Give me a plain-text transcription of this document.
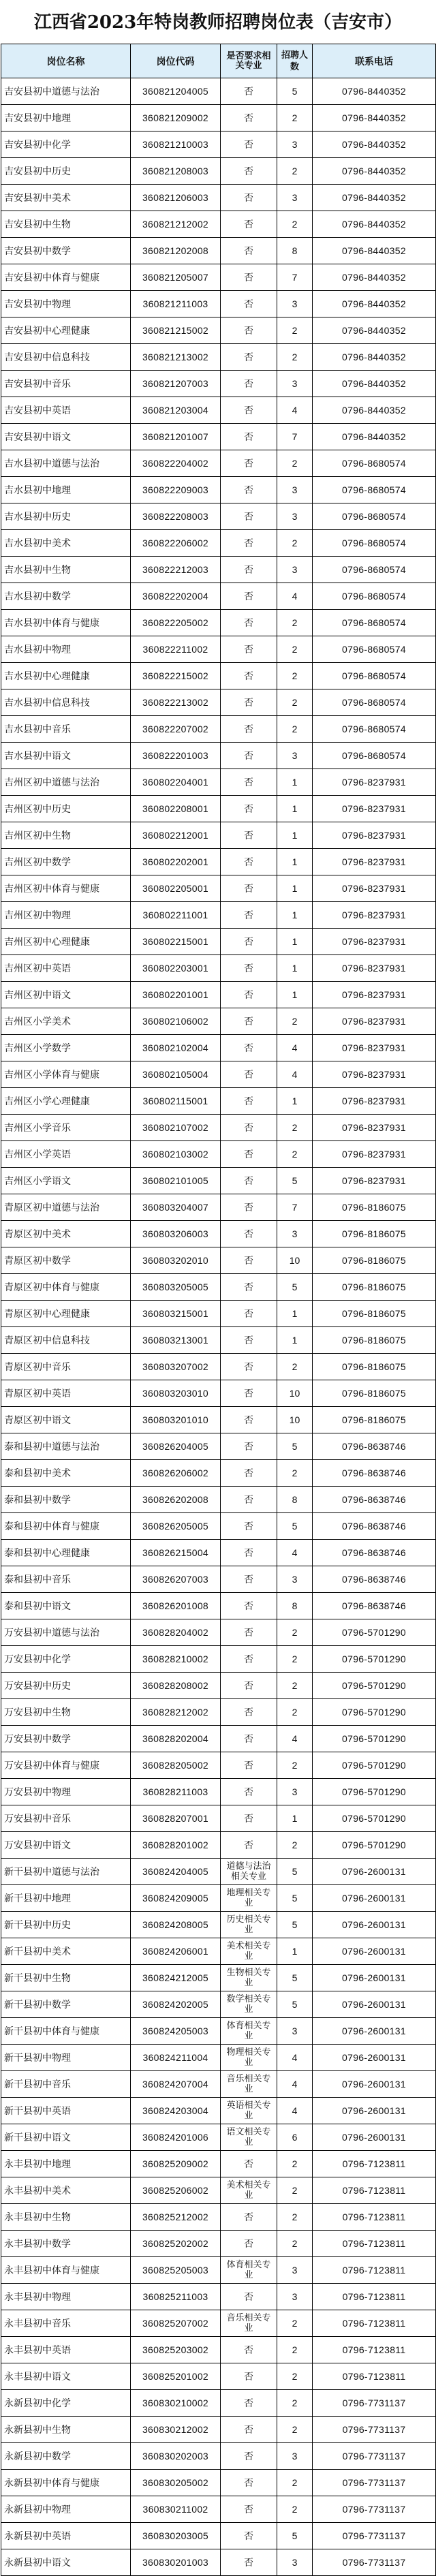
江西省2023年特岗教师招聘岗位表（吉安市）
岗位名称	岗位代码	是否要求相关专业	招聘人数	联系电话
吉安县初中道德与法治	360821204005	否	5	0796-8440352
吉安县初中地理	360821209002	否	2	0796-8440352
吉安县初中化学	360821210003	否	3	0796-8440352
吉安县初中历史	360821208003	否	2	0796-8440352
吉安县初中美术	360821206003	否	3	0796-8440352
吉安县初中生物	360821212002	否	2	0796-8440352
吉安县初中数学	360821202008	否	8	0796-8440352
吉安县初中体育与健康	360821205007	否	7	0796-8440352
吉安县初中物理	360821211003	否	3	0796-8440352
吉安县初中心理健康	360821215002	否	2	0796-8440352
吉安县初中信息科技	360821213002	否	2	0796-8440352
吉安县初中音乐	360821207003	否	3	0796-8440352
吉安县初中英语	360821203004	否	4	0796-8440352
吉安县初中语文	360821201007	否	7	0796-8440352
吉水县初中道德与法治	360822204002	否	2	0796-8680574
吉水县初中地理	360822209003	否	3	0796-8680574
吉水县初中历史	360822208003	否	3	0796-8680574
吉水县初中美术	360822206002	否	2	0796-8680574
吉水县初中生物	360822212003	否	3	0796-8680574
吉水县初中数学	360822202004	否	4	0796-8680574
吉水县初中体育与健康	360822205002	否	2	0796-8680574
吉水县初中物理	360822211002	否	2	0796-8680574
吉水县初中心理健康	360822215002	否	2	0796-8680574
吉水县初中信息科技	360822213002	否	2	0796-8680574
吉水县初中音乐	360822207002	否	2	0796-8680574
吉水县初中语文	360822201003	否	3	0796-8680574
吉州区初中道德与法治	360802204001	否	1	0796-8237931
吉州区初中历史	360802208001	否	1	0796-8237931
吉州区初中生物	360802212001	否	1	0796-8237931
吉州区初中数学	360802202001	否	1	0796-8237931
吉州区初中体育与健康	360802205001	否	1	0796-8237931
吉州区初中物理	360802211001	否	1	0796-8237931
吉州区初中心理健康	360802215001	否	1	0796-8237931
吉州区初中英语	360802203001	否	1	0796-8237931
吉州区初中语文	360802201001	否	1	0796-8237931
吉州区小学美术	360802106002	否	2	0796-8237931
吉州区小学数学	360802102004	否	4	0796-8237931
吉州区小学体育与健康	360802105004	否	4	0796-8237931
吉州区小学心理健康	360802115001	否	1	0796-8237931
吉州区小学音乐	360802107002	否	2	0796-8237931
吉州区小学英语	360802103002	否	2	0796-8237931
吉州区小学语文	360802101005	否	5	0796-8237931
青原区初中道德与法治	360803204007	否	7	0796-8186075
青原区初中美术	360803206003	否	3	0796-8186075
青原区初中数学	360803202010	否	10	0796-8186075
青原区初中体育与健康	360803205005	否	5	0796-8186075
青原区初中心理健康	360803215001	否	1	0796-8186075
青原区初中信息科技	360803213001	否	1	0796-8186075
青原区初中音乐	360803207002	否	2	0796-8186075
青原区初中英语	360803203010	否	10	0796-8186075
青原区初中语文	360803201010	否	10	0796-8186075
泰和县初中道德与法治	360826204005	否	5	0796-8638746
泰和县初中美术	360826206002	否	2	0796-8638746
泰和县初中数学	360826202008	否	8	0796-8638746
泰和县初中体育与健康	360826205005	否	5	0796-8638746
泰和县初中心理健康	360826215004	否	4	0796-8638746
泰和县初中音乐	360826207003	否	3	0796-8638746
泰和县初中语文	360826201008	否	8	0796-8638746
万安县初中道德与法治	360828204002	否	2	0796-5701290
万安县初中化学	360828210002	否	2	0796-5701290
万安县初中历史	360828208002	否	2	0796-5701290
万安县初中生物	360828212002	否	2	0796-5701290
万安县初中数学	360828202004	否	4	0796-5701290
万安县初中体育与健康	360828205002	否	2	0796-5701290
万安县初中物理	360828211003	否	3	0796-5701290
万安县初中音乐	360828207001	否	1	0796-5701290
万安县初中语文	360828201002	否	2	0796-5701290
新干县初中道德与法治	360824204005	道德与法治相关专业	5	0796-2600131
新干县初中地理	360824209005	地理相关专业	5	0796-2600131
新干县初中历史	360824208005	历史相关专业	5	0796-2600131
新干县初中美术	360824206001	美术相关专业	1	0796-2600131
新干县初中生物	360824212005	生物相关专业	5	0796-2600131
新干县初中数学	360824202005	数学相关专业	5	0796-2600131
新干县初中体育与健康	360824205003	体育相关专业	3	0796-2600131
新干县初中物理	360824211004	物理相关专业	4	0796-2600131
新干县初中音乐	360824207004	音乐相关专业	4	0796-2600131
新干县初中英语	360824203004	英语相关专业	4	0796-2600131
新干县初中语文	360824201006	语文相关专业	6	0796-2600131
永丰县初中地理	360825209002	否	2	0796-7123811
永丰县初中美术	360825206002	美术相关专业	2	0796-7123811
永丰县初中生物	360825212002	否	2	0796-7123811
永丰县初中数学	360825202002	否	2	0796-7123811
永丰县初中体育与健康	360825205003	体育相关专业	3	0796-7123811
永丰县初中物理	360825211003	否	3	0796-7123811
永丰县初中音乐	360825207002	音乐相关专业	2	0796-7123811
永丰县初中英语	360825203002	否	2	0796-7123811
永丰县初中语文	360825201002	否	2	0796-7123811
永新县初中化学	360830210002	否	2	0796-7731137
永新县初中生物	360830212002	否	2	0796-7731137
永新县初中数学	360830202003	否	3	0796-7731137
永新县初中体育与健康	360830205002	否	2	0796-7731137
永新县初中物理	360830211002	否	2	0796-7731137
永新县初中英语	360830203005	否	5	0796-7731137
永新县初中语文	360830201003	否	3	0796-7731137
